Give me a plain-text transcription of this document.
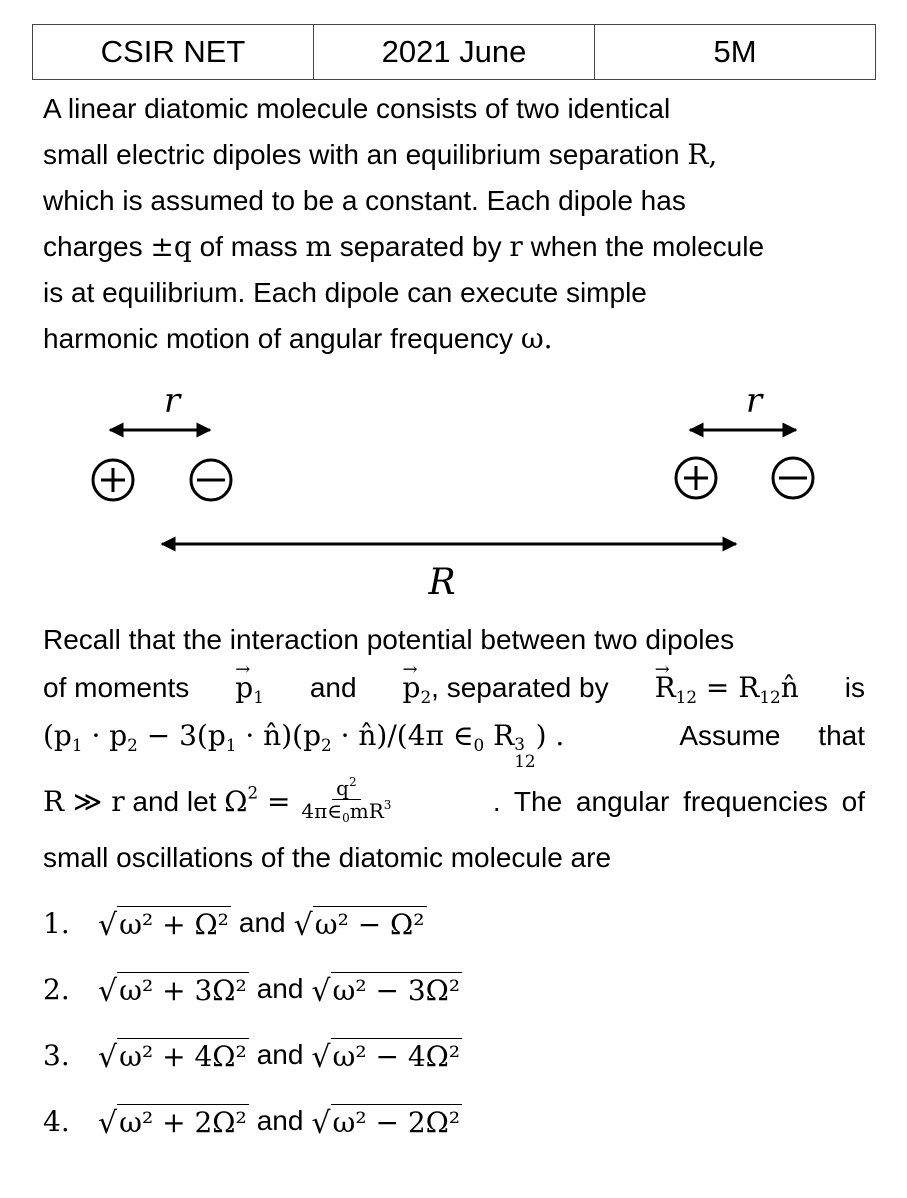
CSIR NET	2021 June	5M
A linear diatomic molecule consists of two identical
small electric dipoles with an equilibrium separation R,
which is assumed to be a constant. Each dipole has
charges ±q of mass m separated by r when the molecule
is at equilibrium. Each dipole can execute simple
harmonic motion of angular frequency ω.
r	r
R
Recall that the interaction potential between two dipoles
of moments → $p_1$ and → $p_2$, separated by → $R_{12}$ = $R_{12}n̂$ is
($p_1 \cdot p_2 - 3(p_1$ · $n̂)(p_2$ · n̂)/(4π $\in_0$ R 3
12
) .	Assume that
R ≫ r and let $\Omega^2 = \frac{q^2}{4\pi\in_0mR^3}$	. The angular frequencies of
small oscillations of the diatomic molecule are
1. √ ω² + Ω² and √ ω² − Ω²
2. √ ω² + 3Ω² and √ ω² − 3Ω²
3. √ ω² + 4Ω² and √ ω² − 4Ω²
4. √ ω² + 2Ω² and √ ω² − 2Ω²
